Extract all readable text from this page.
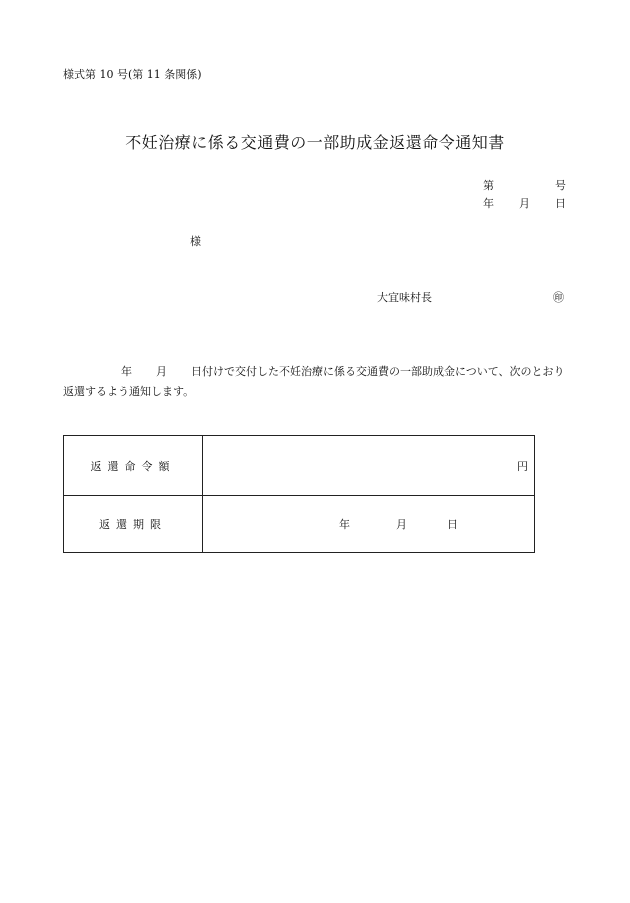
様式第 10 号(第 11 条関係)
不妊治療に係る交通費の一部助成金返還命令通知書
第	号
年 月 日
様
大宜味村長	㊞
年 月 日付けで交付した不妊治療に係る交通費の一部助成金について、次のとおり返還するよう通知します。
返還命令額	円

返還期限	年 月 日
